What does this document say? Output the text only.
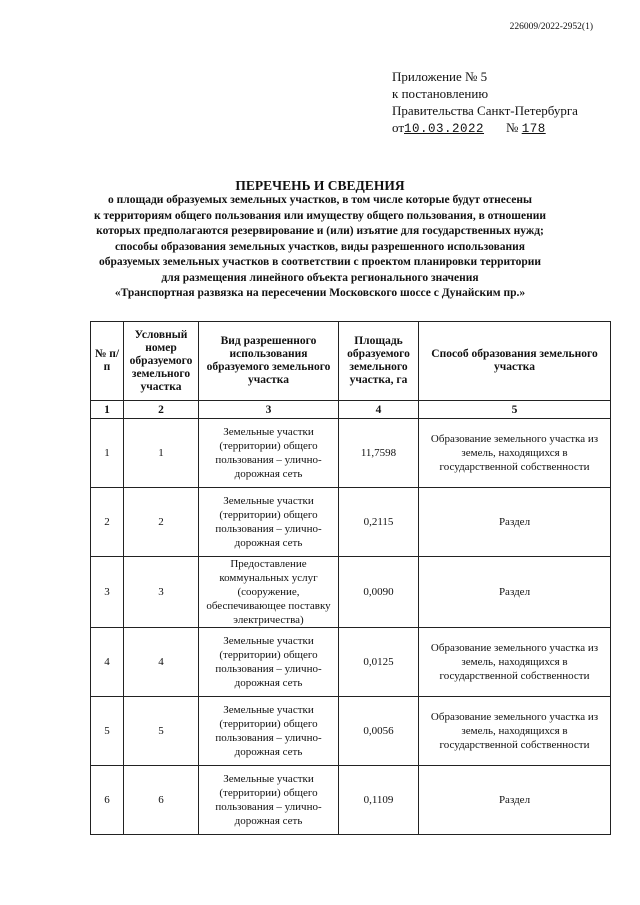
226009/2022-2952(1)
Приложение № 5
к постановлению
Правительства Санкт-Петербурга
от10.03.2022 № 178
ПЕРЕЧЕНЬ И СВЕДЕНИЯ
о площади образуемых земельных участков, в том числе которые будут отнесены
к территориям общего пользования или имуществу общего пользования, в отношении
которых предполагаются резервирование и (или) изъятие для государственных нужд;
способы образования земельных участков, виды разрешенного использования
образуемых земельных участков в соответствии с проектом планировки территории
для размещения линейного объекта регионального значения
«Транспортная развязка на пересечении Московского шоссе с Дунайским пр.»
№ п/п	Условный номер образуемого земельного участка	Вид разрешенного использования образуемого земельного участка	Площадь образуемого земельного участка, га	Способ образования земельного участка
1	2	3	4	5
1	1	Земельные участки (территории) общего пользования – улично-дорожная сеть	11,7598	Образование земельного участка из земель, находящихся в государственной собственности
2	2	Земельные участки (территории) общего пользования – улично-дорожная сеть	0,2115	Раздел
3	3	Предоставление коммунальных услуг (сооружение, обеспечивающее поставку электричества)	0,0090	Раздел
4	4	Земельные участки (территории) общего пользования – улично-дорожная сеть	0,0125	Образование земельного участка из земель, находящихся в государственной собственности
5	5	Земельные участки (территории) общего пользования – улично-дорожная сеть	0,0056	Образование земельного участка из земель, находящихся в государственной собственности
6	6	Земельные участки (территории) общего пользования – улично-дорожная сеть	0,1109	Раздел
